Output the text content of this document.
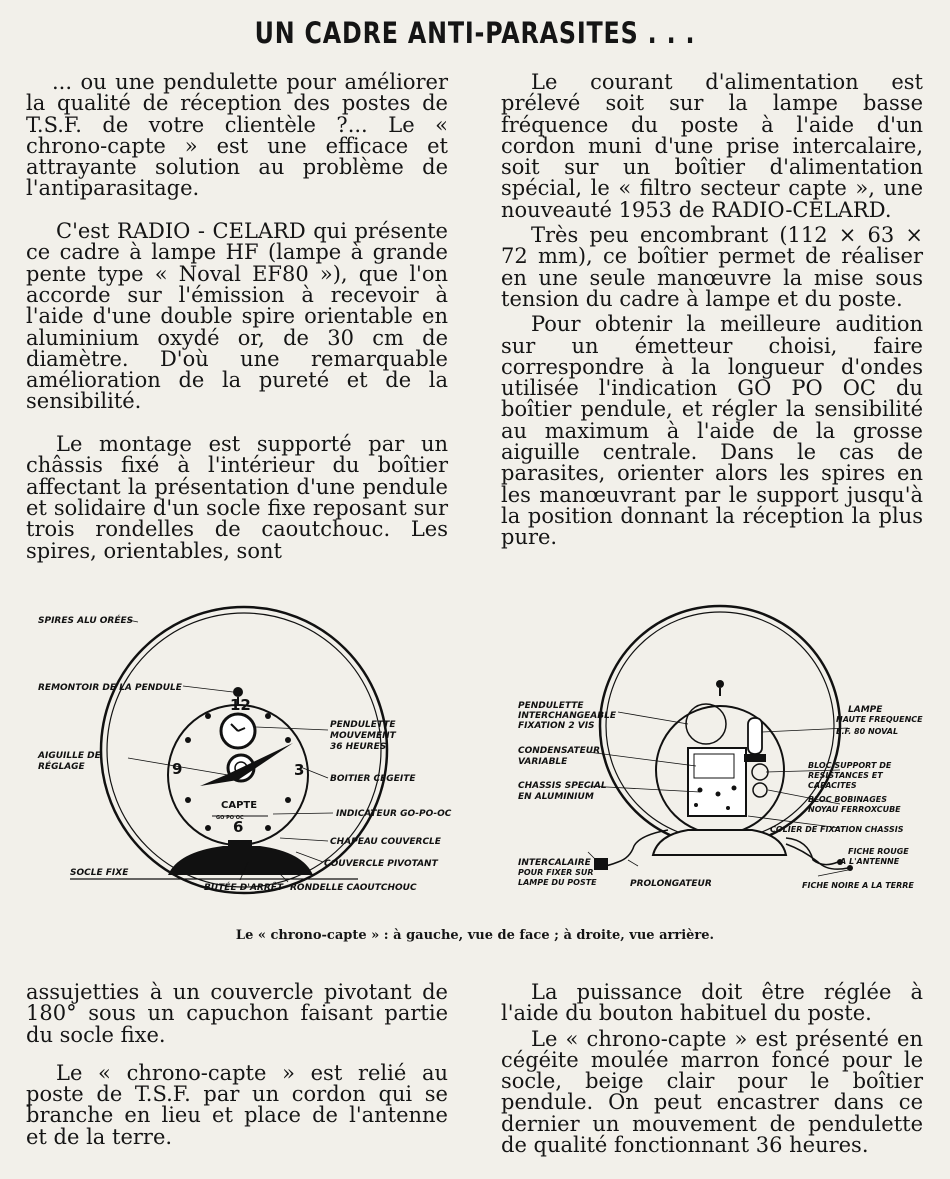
UN CADRE ANTI-PARASITES . . .

... ou une pendulette pour améliorer la qualité de réception des postes de T.S.F. de votre clientèle ?... Le « chrono-capte » est une efficace et attrayante solution au problème de l'antiparasitage.

C'est RADIO - CELARD qui présente ce cadre à lampe HF (lampe à grande pente type « Noval EF80 »), que l'on accorde sur l'émission à recevoir à l'aide d'une double spire orientable en aluminium oxydé or, de 30 cm de diamètre. D'où une remarquable amélioration de la pureté et de la sensibilité.

Le montage est supporté par un châssis fixé à l'intérieur du boîtier affectant la présentation d'une pendule et solidaire d'un socle fixe reposant sur trois rondelles de caoutchouc. Les spires, orientables, sont

Le courant d'alimentation est prélevé soit sur la lampe basse fréquence du poste à l'aide d'un cordon muni d'une prise intercalaire, soit sur un boîtier d'alimentation spécial, le « filtro secteur capte », une nouveauté 1953 de RADIO-CELARD.

Très peu encombrant (112 × 63 × 72 mm), ce boîtier permet de réaliser en une seule manœuvre la mise sous tension du cadre à lampe et du poste.

Pour obtenir la meilleure audition sur un émetteur choisi, faire correspondre à la longueur d'ondes utilisée l'indication GO PO OC du boîtier pendule, et régler la sensibilité au maximum à l'aide de la grosse aiguille centrale. Dans le cas de parasites, orienter alors les spires en les manœuvrant par le support jusqu'à la position donnant la réception la plus pure.

12
3
6
9
CAPTE
GO PO OC
SPIRES ALU ORÉES
REMONTOIR DE LA PENDULE
AIGUILLE DE
RÉGLAGE
PENDULETTE
MOUVEMENT
36 HEURES
BOITIER CEGEITE
INDICATEUR GO-PO-OC
CHAPEAU COUVERCLE
COUVERCLE PIVOTANT
SOCLE FIXE
BUTÉE D'ARRÊT RONDELLE CAOUTCHOUC
PENDULETTE
INTERCHANGEABLE
FIXATION 2 VIS
CONDENSATEUR
VARIABLE
CHASSIS SPECIAL
EN ALUMINIUM
INTERCALAIRE
POUR FIXER SUR
LAMPE DU POSTE	PROLONGATEUR
LAMPE
HAUTE FREQUENCE
E.F. 80 NOVAL
BLOC SUPPORT DE
RESISTANCES ET
CAPACITES
BLOC BOBINAGES
NOYAU FERROXCUBE
COLIER DE FIXATION CHASSIS
FICHE ROUGE
A L'ANTENNE
FICHE NOIRE A LA TERRE
Le « chrono-capte » : à gauche, vue de face ; à droite, vue arrière.

assujetties à un couvercle pivotant de 180° sous un capuchon faisant partie du socle fixe.

Le « chrono-capte » est relié au poste de T.S.F. par un cordon qui se branche en lieu et place de l'antenne et de la terre.

La puissance doit être réglée à l'aide du bouton habituel du poste.

Le « chrono-capte » est présenté en cégéite moulée marron foncé pour le socle, beige clair pour le boîtier pendule. On peut encastrer dans ce dernier un mouvement de pendulette de qualité fonctionnant 36 heures.
